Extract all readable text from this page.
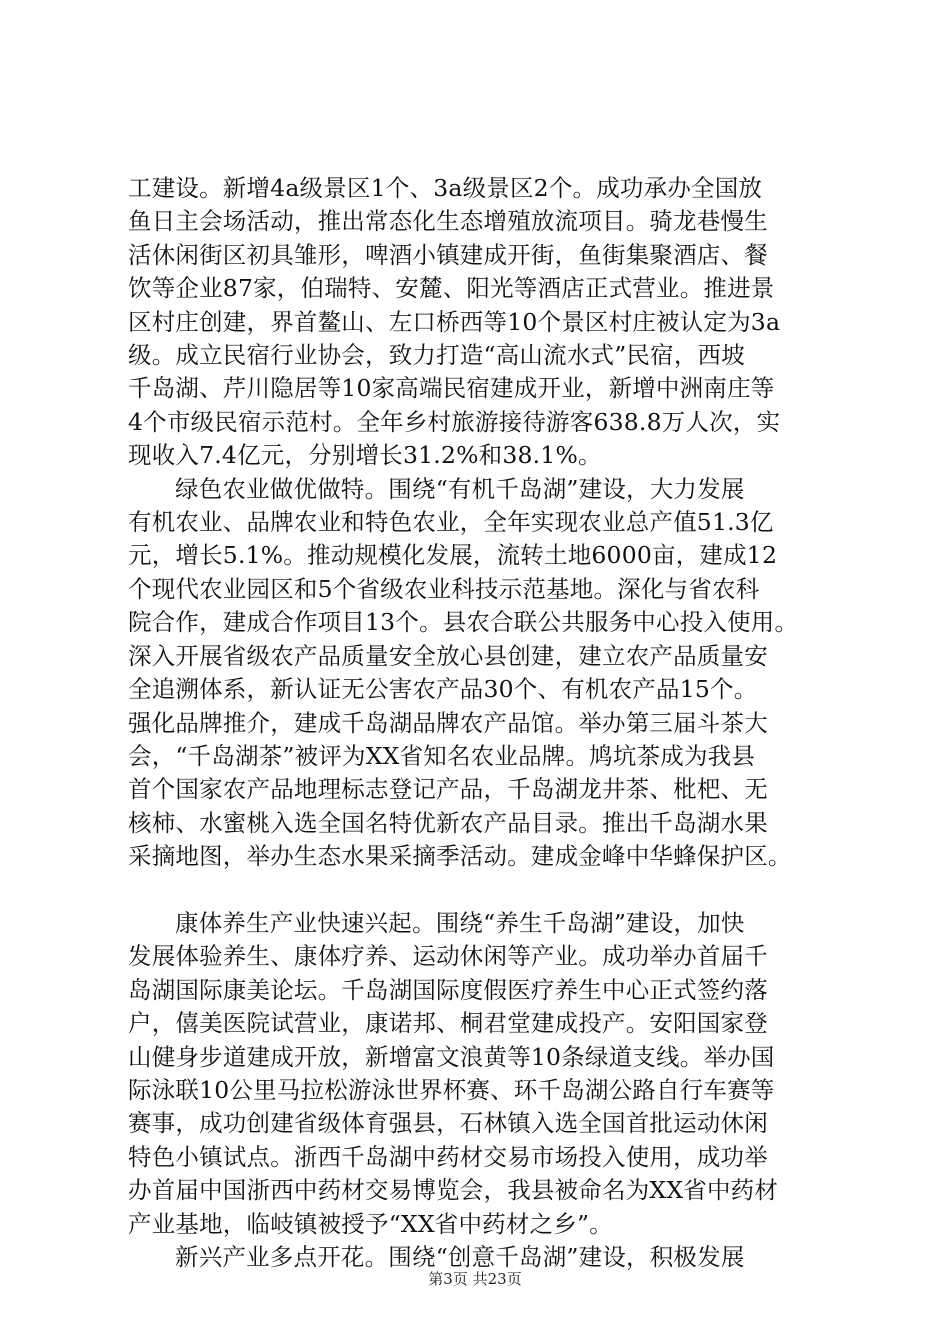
工建设。新增4a级景区1个、3a级景区2个。成功承办全国放
鱼日主会场活动，推出常态化生态增殖放流项目。骑龙巷慢生
活休闲街区初具雏形，啤酒小镇建成开街，鱼街集聚酒店、餐
饮等企业87家，伯瑞特、安麓、阳光等酒店正式营业。推进景
区村庄创建，界首鳌山、左口桥西等10个景区村庄被认定为3a
级。成立民宿行业协会，致力打造“高山流水式”民宿，西坡
千岛湖、芹川隐居等10家高端民宿建成开业，新增中洲南庄等
4个市级民宿示范村。全年乡村旅游接待游客638.8万人次，实
现收入7.4亿元，分别增长31.2%和38.1%。

绿色农业做优做特。围绕“有机千岛湖”建设，大力发展
有机农业、品牌农业和特色农业，全年实现农业总产值51.3亿
元，增长5.1%。推动规模化发展，流转土地6000亩，建成12
个现代农业园区和5个省级农业科技示范基地。深化与省农科
院合作，建成合作项目13个。县农合联公共服务中心投入使用。
深入开展省级农产品质量安全放心县创建，建立农产品质量安
全追溯体系，新认证无公害农产品30个、有机农产品15个。
强化品牌推介，建成千岛湖品牌农产品馆。举办第三届斗茶大
会，“千岛湖茶”被评为XX省知名农业品牌。鸠坑茶成为我县
首个国家农产品地理标志登记产品，千岛湖龙井茶、枇杷、无
核柿、水蜜桃入选全国名特优新农产品目录。推出千岛湖水果
采摘地图，举办生态水果采摘季活动。建成金峰中华蜂保护区。

康体养生产业快速兴起。围绕“养生千岛湖”建设，加快
发展体验养生、康体疗养、运动休闲等产业。成功举办首届千
岛湖国际康美论坛。千岛湖国际度假医疗养生中心正式签约落
户，僖美医院试营业，康诺邦、桐君堂建成投产。安阳国家登
山健身步道建成开放，新增富文浪黄等10条绿道支线。举办国
际泳联10公里马拉松游泳世界杯赛、环千岛湖公路自行车赛等
赛事，成功创建省级体育强县，石林镇入选全国首批运动休闲
特色小镇试点。浙西千岛湖中药材交易市场投入使用，成功举
办首届中国浙西中药材交易博览会，我县被命名为XX省中药材
产业基地，临岐镇被授予“XX省中药材之乡”。

新兴产业多点开花。围绕“创意千岛湖”建设，积极发展

第3页 共23页
